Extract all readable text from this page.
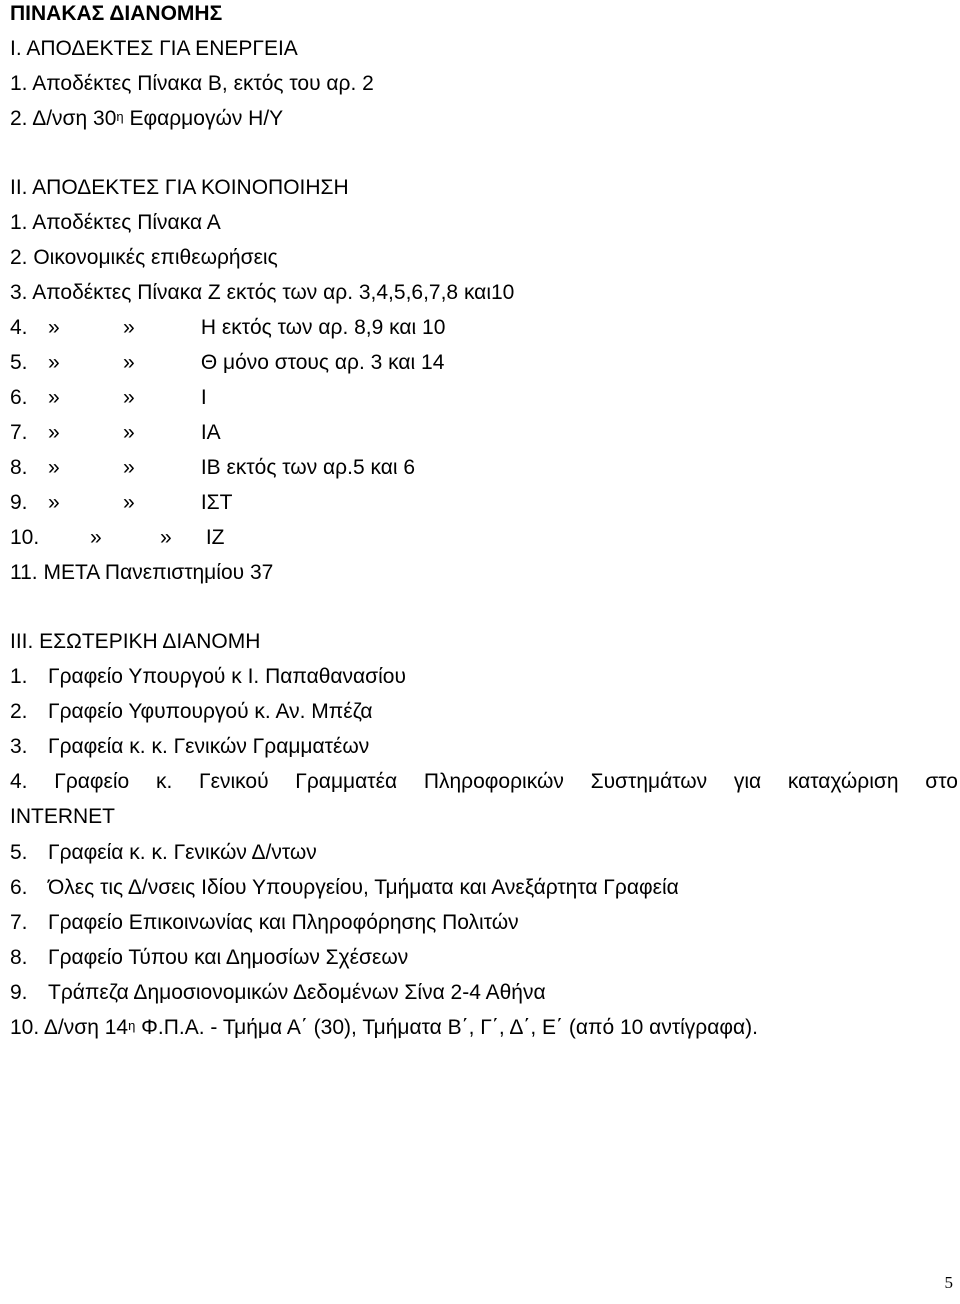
ΠΙΝΑΚΑΣ ΔΙΑΝΟΜΗΣ
Ι. ΑΠΟΔΕΚΤΕΣ ΓΙΑ ΕΝΕΡΓΕΙΑ
1. Αποδέκτες Πίνακα Β, εκτός του αρ. 2
2. Δ/νση $30^\eta$ Εφαρμογών Η/Υ
ΙΙ. ΑΠΟΔΕΚΤΕΣ ΓΙΑ ΚΟΙΝΟΠΟΙΗΣΗ
1. Αποδέκτες Πίνακα Α
2. Οικονομικές επιθεωρήσεις
3. Αποδέκτες Πίνακα Ζ εκτός των αρ. 3,4,5,6,7,8 και10
4. »	»	Η εκτός των αρ. 8,9 και 10
5. »	»	Θ μόνο στους αρ. 3 και 14
6. »	»	Ι
7. »	»	ΙΑ
8. »	»	ΙΒ εκτός των αρ.5 και 6
9. »	»	ΙΣΤ
10. »	» ΙΖ
11. ΜΕΤΑ Πανεπιστημίου 37
ΙΙΙ. ΕΣΩΤΕΡΙΚΗ ΔΙΑΝΟΜΗ
1. Γραφείο Υπουργού κ Ι. Παπαθανασίου
2. Γραφείο Υφυπουργού κ. Αν. Μπέζα
3. Γραφεία κ. κ. Γενικών Γραμματέων
4. Γραφείο κ. Γενικού Γραμματέα Πληροφορικών Συστημάτων για καταχώριση στο
INTERNET
5. Γραφεία κ. κ. Γενικών Δ/ντων
6. Όλες τις Δ/νσεις Ιδίου Υπουργείου, Τμήματα και Ανεξάρτητα Γραφεία
7. Γραφείο Επικοινωνίας και Πληροφόρησης Πολιτών
8. Γραφείο Τύπου και Δημοσίων Σχέσεων
9. Τράπεζα Δημοσιονομικών Δεδομένων Σίνα 2-4 Αθήνα
10. Δ/νση $14^\eta$ Φ.Π.Α. - Τμήμα Α΄ (30), Τμήματα Β΄, Γ΄, Δ΄, Ε΄ (από 10 αντίγραφα).
5
